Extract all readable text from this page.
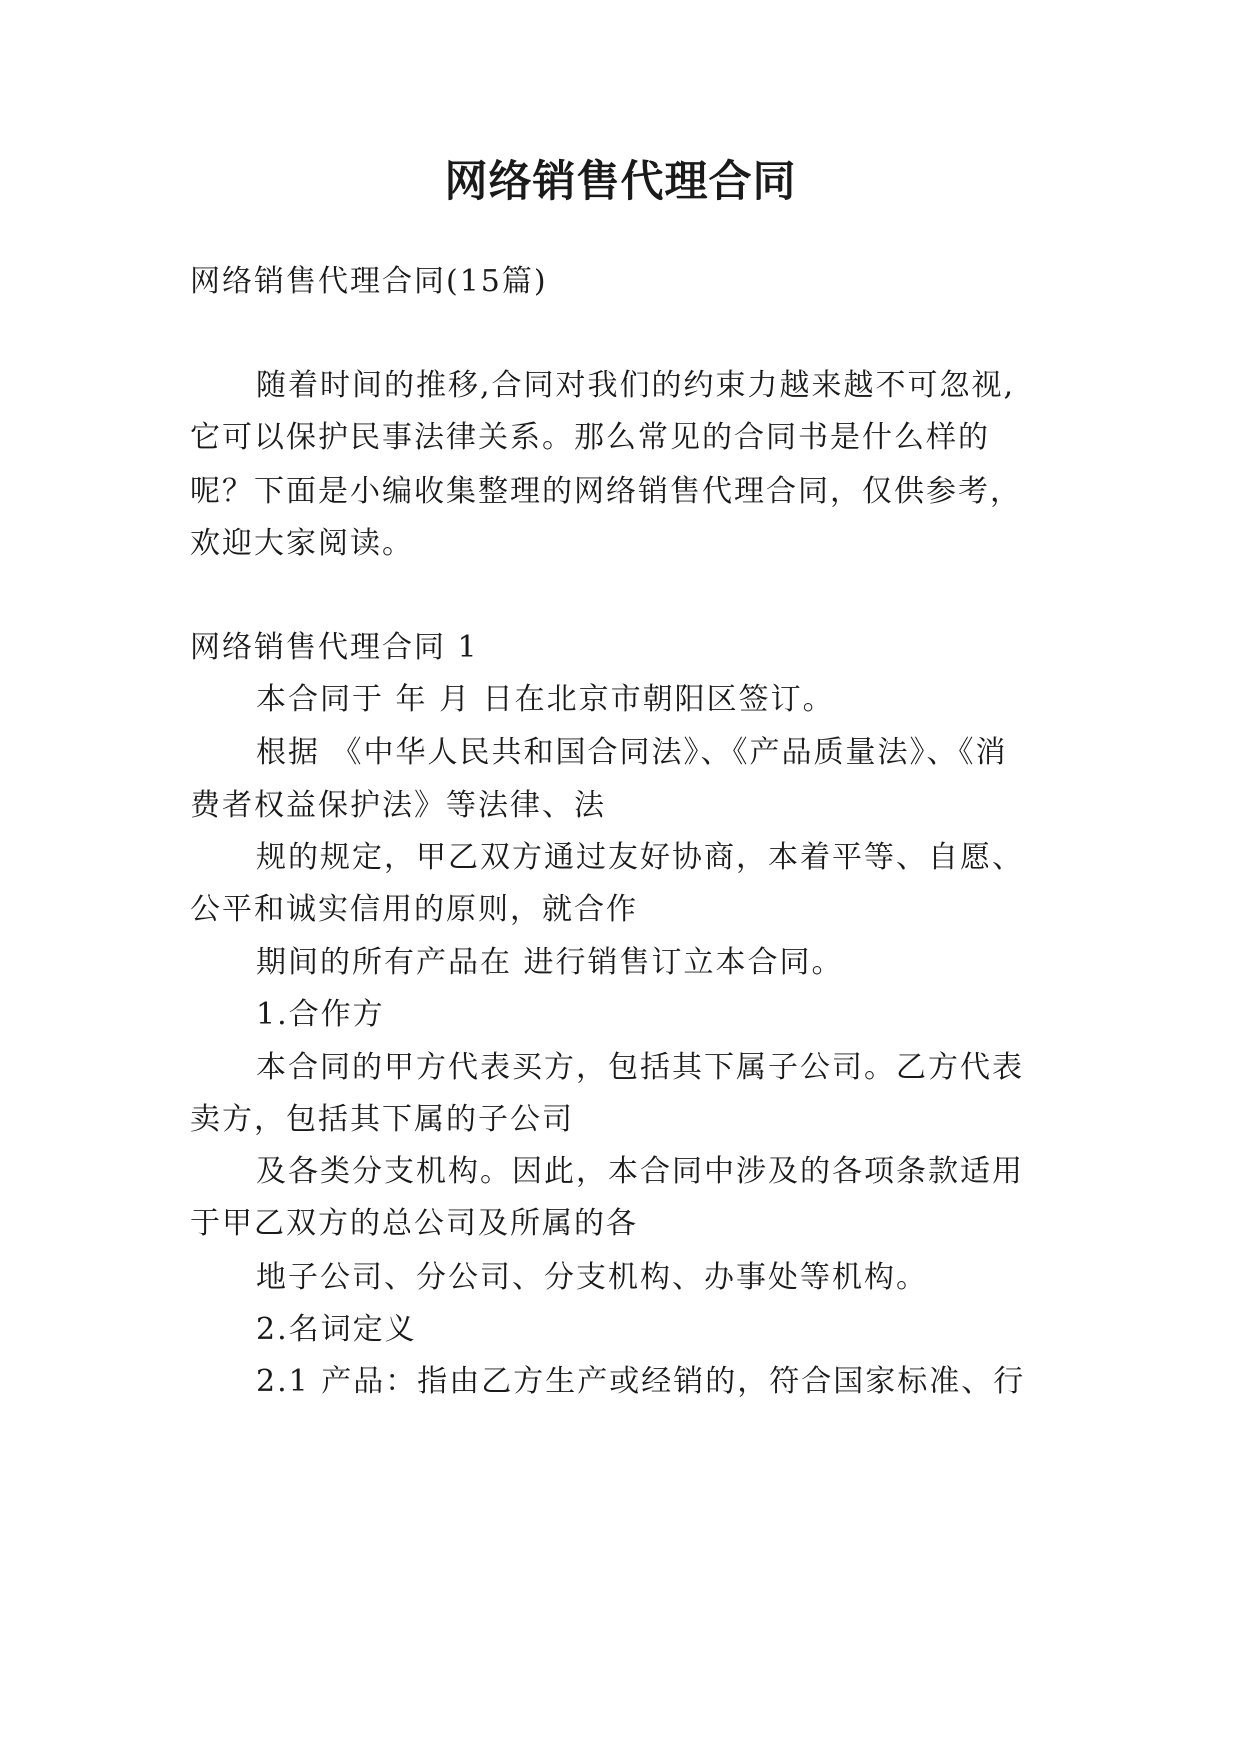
网络销售代理合同

网络销售代理合同(15篇)

随着时间的推移,合同对我们的约束力越来越不可忽视,

它可以保护民事法律关系。那么常见的合同书是什么样的

呢？下面是小编收集整理的网络销售代理合同，仅供参考，

欢迎大家阅读。

网络销售代理合同 1

本合同于 年 月 日在北京市朝阳区签订。

根据 《中华人民共和国合同法》、《产品质量法》、《消

费者权益保护法》等法律、法

规的规定，甲乙双方通过友好协商，本着平等、自愿、

公平和诚实信用的原则，就合作

期间的所有产品在 进行销售订立本合同。

1.合作方

本合同的甲方代表买方，包括其下属子公司。乙方代表

卖方，包括其下属的子公司

及各类分支机构。因此，本合同中涉及的各项条款适用

于甲乙双方的总公司及所属的各

地子公司、分公司、分支机构、办事处等机构。

2.名词定义

2.1 产品：指由乙方生产或经销的，符合国家标准、行
